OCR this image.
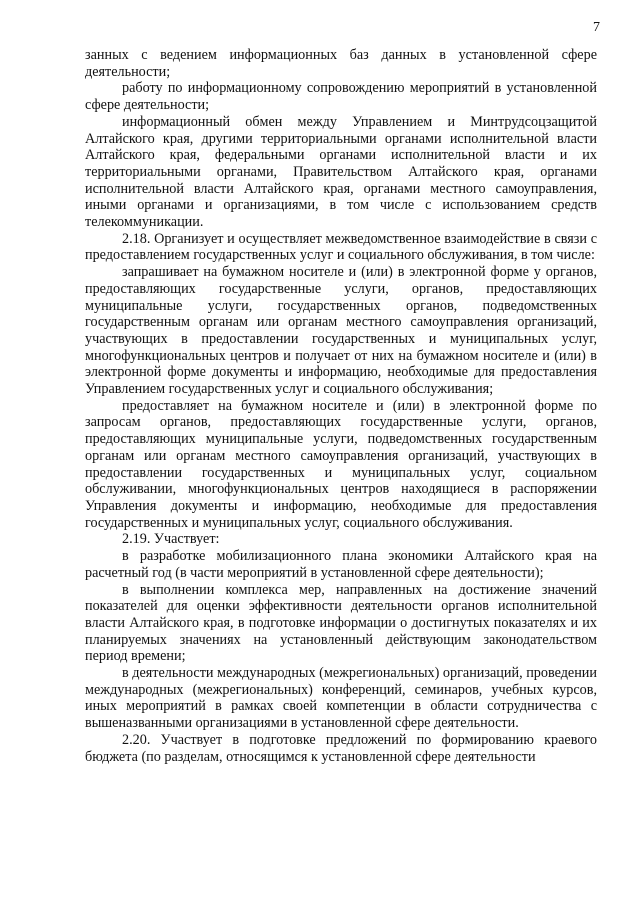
7

занных с ведением информационных баз данных в установленной сфере деятельности;

работу по информационному сопровождению мероприятий в установленной сфере деятельности;

информационный обмен между Управлением и Минтрудсоцзащитой Алтайского края, другими территориальными органами исполнительной власти Алтайского края, федеральными органами исполнительной власти и их территориальными органами, Правительством Алтайского края, органами исполнительной власти Алтайского края, органами местного самоуправления, иными органами и организациями, в том числе с использованием средств телекоммуникации.

2.18. Организует и осуществляет межведомственное взаимодействие в связи с предоставлением государственных услуг и социального обслуживания, в том числе:

запрашивает на бумажном носителе и (или) в электронной форме у органов, предоставляющих государственные услуги, органов, предоставляющих муниципальные услуги, государственных органов, подведомственных государственным органам или органам местного самоуправления организаций, участвующих в предоставлении государственных и муниципальных услуг, многофункциональных центров и получает от них на бумажном носителе и (или) в электронной форме документы и информацию, необходимые для предоставления Управлением государственных услуг и социального обслуживания;

предоставляет на бумажном носителе и (или) в электронной форме по запросам органов, предоставляющих государственные услуги, органов, предоставляющих муниципальные услуги, подведомственных государственным органам или органам местного самоуправления организаций, участвующих в предоставлении государственных и муниципальных услуг, социальном обслуживании, многофункциональных центров находящиеся в распоряжении Управления документы и информацию, необходимые для предоставления государственных и муниципальных услуг, социального обслуживания.

2.19. Участвует:

в разработке мобилизационного плана экономики Алтайского края на расчетный год (в части мероприятий в установленной сфере деятельности);

в выполнении комплекса мер, направленных на достижение значений показателей для оценки эффективности деятельности органов исполнительной власти Алтайского края, в подготовке информации о достигнутых показателях и их планируемых значениях на установленный действующим законодательством период времени;

в деятельности международных (межрегиональных) организаций, проведении международных (межрегиональных) конференций, семинаров, учебных курсов, иных мероприятий в рамках своей компетенции в области сотрудничества с вышеназванными организациями в установленной сфере деятельности.

2.20. Участвует в подготовке предложений по формированию краевого бюджета (по разделам, относящимся к установленной сфере деятельности
